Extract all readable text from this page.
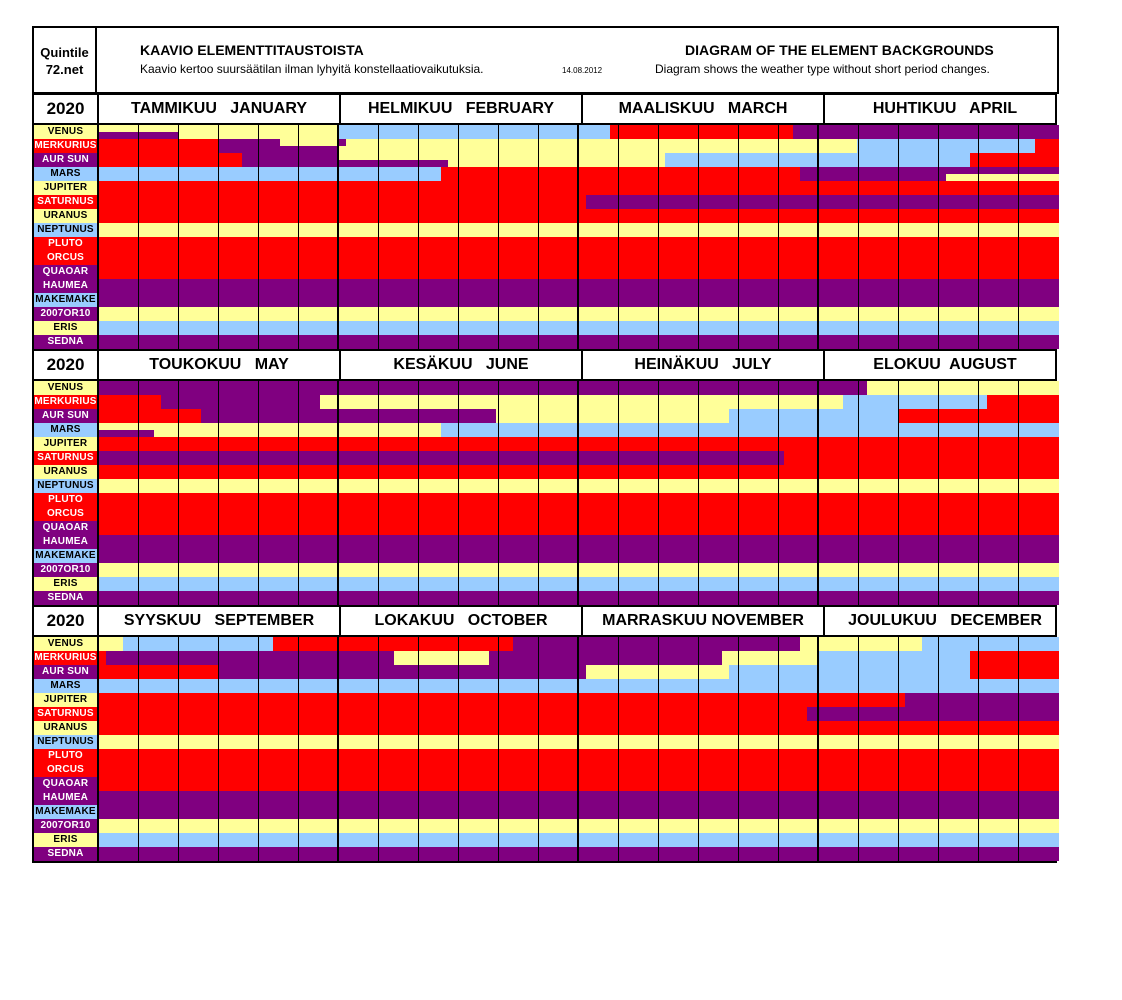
Quintile
72.net
KAAVIO ELEMENTTITAUSTOISTA
Kaavio kertoo suursäätilan ilman lyhyitä konstellaatiovaikutuksia.	14.08.2012
DIAGRAM OF THE ELEMENT BACKGROUNDS
Diagram shows the weather type without short period changes.
2020	TAMMIKUU   JANUARY	HELMIKUU   FEBRUARY	MAALISKUU   MARCH	HUHTIKUU   APRIL
VENUS
MERKURIUS
AUR SUN
MARS
JUPITER
SATURNUS
URANUS
NEPTUNUS
PLUTO
ORCUS
QUAOAR
HAUMEA
MAKEMAKE
2007OR10
ERIS
SEDNA
2020	TOUKOKUU   MAY	KESÄKUU   JUNE	HEINÄKUU   JULY	ELOKUU  AUGUST
VENUS
MERKURIUS
AUR SUN
MARS
JUPITER
SATURNUS
URANUS
NEPTUNUS
PLUTO
ORCUS
QUAOAR
HAUMEA
MAKEMAKE
2007OR10
ERIS
SEDNA
2020	SYYSKUU   SEPTEMBER	LOKAKUU   OCTOBER	MARRASKUU NOVEMBER	JOULUKUU   DECEMBER
VENUS
MERKURIUS
AUR SUN
MARS
JUPITER
SATURNUS
URANUS
NEPTUNUS
PLUTO
ORCUS
QUAOAR
HAUMEA
MAKEMAKE
2007OR10
ERIS
SEDNA
